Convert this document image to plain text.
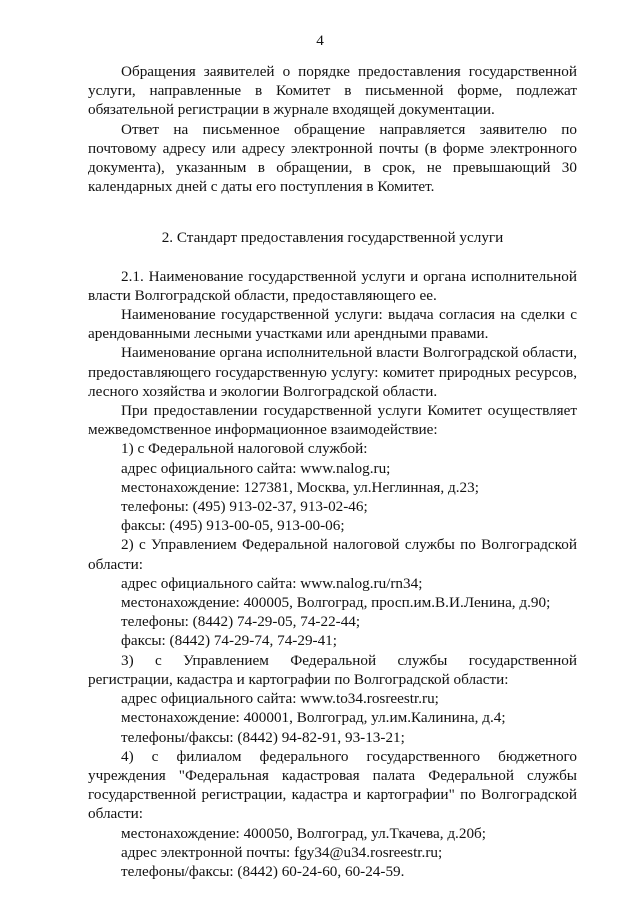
4

Обращения заявителей о порядке предоставления государственной услуги, направленные в Комитет в письменной форме, подлежат обязательной регистрации в журнале входящей документации.

Ответ на письменное обращение направляется заявителю по почтовому адресу или адресу электронной почты (в форме электронного документа), указанным в обращении, в срок, не превышающий 30 календарных дней с даты его поступления в Комитет.

2. Стандарт предоставления государственной услуги

2.1. Наименование государственной услуги и органа исполнительной власти Волгоградской области, предоставляющего ее.

Наименование государственной услуги: выдача согласия на сделки с арендованными лесными участками или арендными правами.

Наименование органа исполнительной власти Волгоградской области, предоставляющего государственную услугу: комитет природных ресурсов, лесного хозяйства и экологии Волгоградской области.

При предоставлении государственной услуги Комитет осуществляет межведомственное информационное взаимодействие:

1) с Федеральной налоговой службой:

адрес официального сайта: www.nalog.ru;

местонахождение: 127381, Москва, ул.Неглинная, д.23;

телефоны: (495) 913-02-37, 913-02-46;

факсы: (495) 913-00-05, 913-00-06;

2) с Управлением Федеральной налоговой службы по Волгоградской области:

адрес официального сайта: www.nalog.ru/rn34;

местонахождение: 400005, Волгоград, просп.им.В.И.Ленина, д.90;

телефоны: (8442) 74-29-05, 74-22-44;

факсы: (8442) 74-29-74, 74-29-41;

3) с Управлением Федеральной службы государственной регистрации, кадастра и картографии по Волгоградской области:

адрес официального сайта: www.to34.rosreestr.ru;

местонахождение: 400001, Волгоград, ул.им.Калинина, д.4;

телефоны/факсы: (8442) 94-82-91, 93-13-21;

4) с филиалом федерального государственного бюджетного учреждения "Федеральная кадастровая палата Федеральной службы государственной регистрации, кадастра и картографии" по Волгоградской области:

местонахождение: 400050, Волгоград, ул.Ткачева, д.20б;

адрес электронной почты: fgy34@u34.rosreestr.ru;

телефоны/факсы: (8442) 60-24-60, 60-24-59.
